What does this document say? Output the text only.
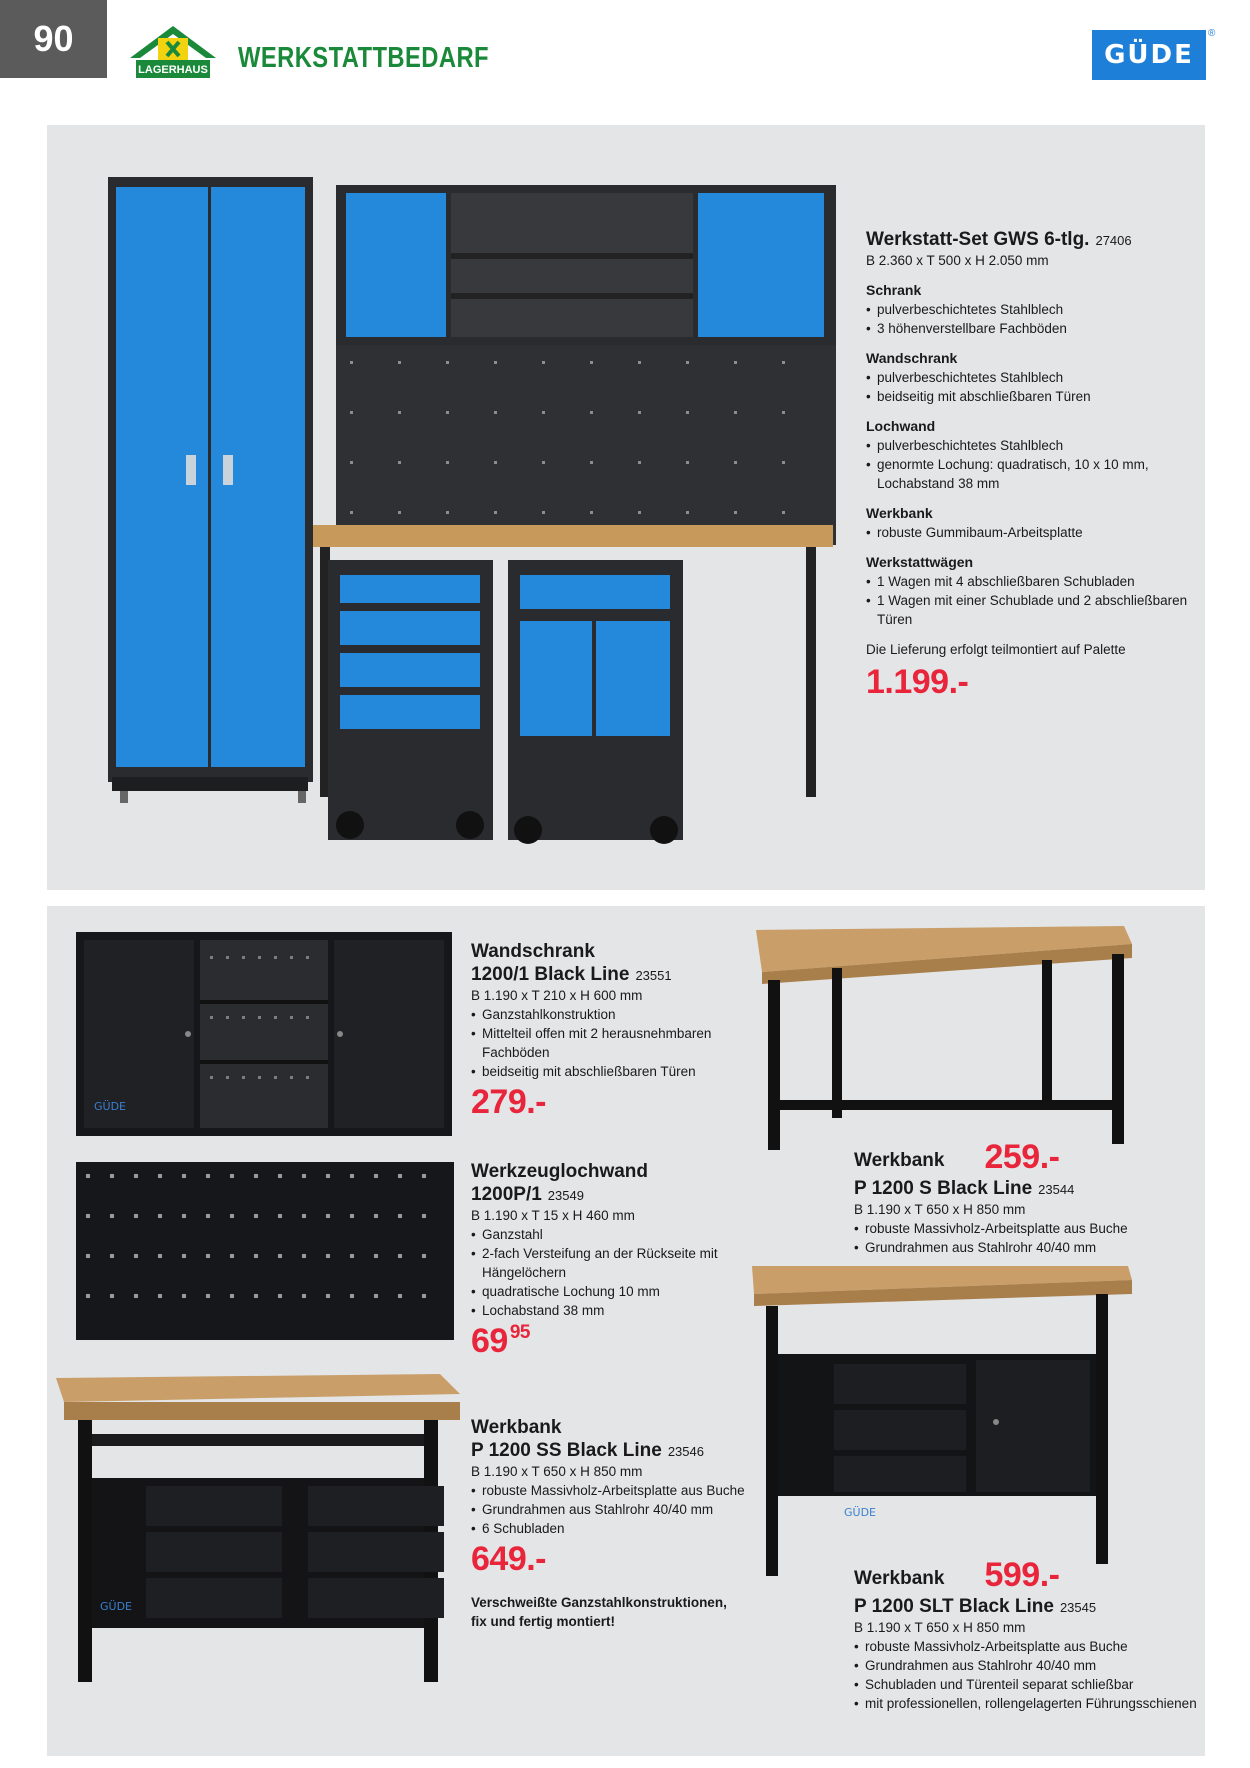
90
LAGERHAUS WERKSTATTBEDARF	GÜDE
®
Werkstatt-Set GWS 6-tlg. 27406
B 2.360 x T 500 x H 2.050 mm
Schrank
• pulverbeschichtetes Stahlblech
• 3 höhenverstellbare Fachböden
Wandschrank
• pulverbeschichtetes Stahlblech
• beidseitig mit abschließbaren Türen
Lochwand
• pulverbeschichtetes Stahlblech
• genormte Lochung: quadratisch, 10 x 10 mm, Lochabstand 38 mm
Werkbank
• robuste Gummibaum-Arbeitsplatte
Werkstattwägen
• 1 Wagen mit 4 abschließbaren Schubladen
• 1 Wagen mit einer Schublade und 2 abschließbaren Türen
Die Lieferung erfolgt teilmontiert auf Palette
1.199.-
GÜDE
Wandschrank
1200/1 Black Line 23551
B 1.190 x T 210 x H 600 mm
• Ganzstahlkonstruktion
• Mittelteil offen mit 2 herausnehmbaren Fachböden
• beidseitig mit abschließbaren Türen
279.-
Werkzeuglochwand
1200P/1 23549
B 1.190 x T 15 x H 460 mm
• Ganzstahl
• 2-fach Versteifung an der Rückseite mit Hängelöchern
• quadratische Lochung 10 mm
• Lochabstand 38 mm
69 $^{95}$
GÜDE
Werkbank
P 1200 SS Black Line 23546
B 1.190 x T 650 x H 850 mm
• robuste Massivholz-Arbeitsplatte aus Buche
• Grundrahmen aus Stahlrohr 40/40 mm
• 6 Schubladen
649.-
Verschweißte Ganzstahlkonstruktionen,
fix und fertig montiert!
Werkbank 259.-
P 1200 S Black Line 23544
B 1.190 x T 650 x H 850 mm
• robuste Massivholz-Arbeitsplatte aus Buche
• Grundrahmen aus Stahlrohr 40/40 mm
GÜDE
Werkbank 599.-
P 1200 SLT Black Line 23545
B 1.190 x T 650 x H 850 mm
• robuste Massivholz-Arbeitsplatte aus Buche
• Grundrahmen aus Stahlrohr 40/40 mm
• Schubladen und Türenteil separat schließbar
• mit professionellen, rollengelagerten Führungsschienen
